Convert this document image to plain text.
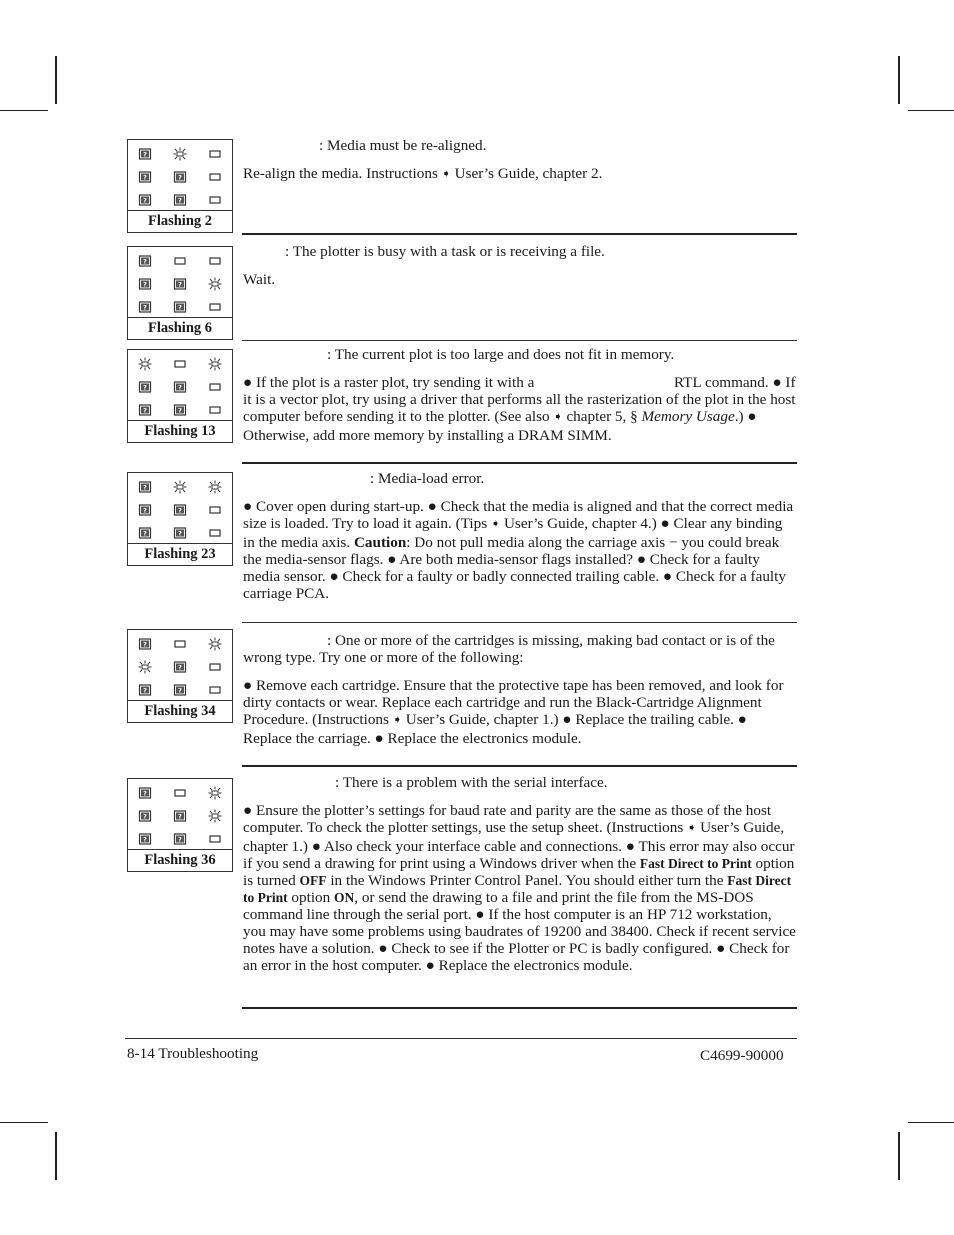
?
?	?
?	?
Flashing 2
?
?	?
?	?
Flashing 6
?	?
?	?
Flashing 13
?
?	?
?	?
Flashing 23
?
?
?	?
Flashing 34
?
?	?
?	?
Flashing 36

: Media must be re-aligned.

Re-align the media. Instructions ➧ User’s Guide, chapter 2.

: The plotter is busy with a task or is receiving a file.

Wait.

: The current plot is too large and does not fit in memory.

● If the plot is a raster plot, try sending it with a	RTL command. ● If it is a vector plot, try using a driver that performs all the rasterization of the plot in the host computer before sending it to the plotter. (See also ➧ chapter 5, § Memory Usage.) ● Otherwise, add more memory by installing a DRAM SIMM.

: Media-load error.

● Cover open during start-up. ● Check that the media is aligned and that the correct media size is loaded. Try to load it again. (Tips ➧ User’s Guide, chapter 4.) ● Clear any binding in the media axis. Caution: Do not pull media along the carriage axis − you could break the media-sensor flags. ● Are both media-sensor flags installed? ● Check for a faulty media sensor. ● Check for a faulty or badly connected trailing cable. ● Check for a faulty carriage PCA.

: One or more of the cartridges is missing, making bad contact or is of the wrong type. Try one or more of the following:

● Remove each cartridge. Ensure that the protective tape has been removed, and look for dirty contacts or wear. Replace each cartridge and run the Black-Cartridge Alignment Procedure. (Instructions ➧ User’s Guide, chapter 1.) ● Replace the trailing cable. ● Replace the carriage. ● Replace the electronics module.

: There is a problem with the serial interface.

● Ensure the plotter’s settings for baud rate and parity are the same as those of the host computer. To check the plotter settings, use the setup sheet. (Instructions ➧ User’s Guide, chapter 1.) ● Also check your interface cable and connections. ● This error may also occur if you send a drawing for print using a Windows driver when the Fast Direct to Print option is turned OFF in the Windows Printer Control Panel. You should either turn the Fast Direct to Print option ON, or send the drawing to a file and print the file from the MS-DOS command line through the serial port. ● If the host computer is an HP 712 workstation, you may have some problems using baudrates of 19200 and 38400. Check if recent service notes have a solution. ● Check to see if the Plotter or PC is badly configured. ● Check for an error in the host computer. ● Replace the electronics module.

8-14 Troubleshooting	C4699-90000
